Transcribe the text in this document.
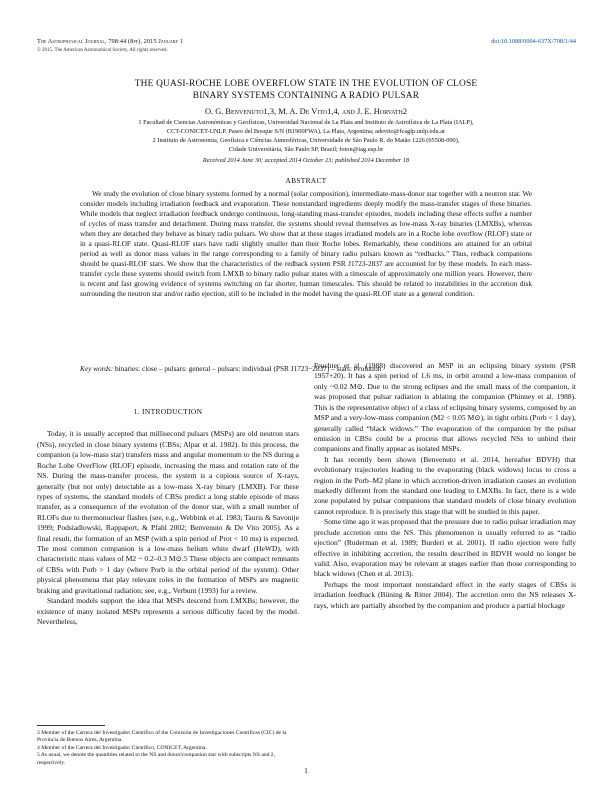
The Astrophysical Journal, 798:44 (8pp), 2015 January 1
© 2015. The American Astronomical Society. All rights reserved.
doi:10.1088/0004-637X/798/1/44
THE QUASI-ROCHE LOBE OVERFLOW STATE IN THE EVOLUTION OF CLOSE
BINARY SYSTEMS CONTAINING A RADIO PULSAR
O. G. Benvenuto1,3, M. A. De Vito1,4, and J. E. Horvath2
1 Facultad de Ciencias Astronómicas y Geofísicas, Universidad Nacional de La Plata and Instituto de Astrofísica de La Plata (IALP),
CCT-CONICET-UNLP. Paseo del Bosque S/N (B1900FWA), La Plata, Argentina; adevito@fcaglp.unlp.edu.ar
2 Instituto de Astronomia, Geofísica e Ciências Atmosféricas, Universidade de São Paulo R. do Matão 1226 (05508-090),
Cidade Universitária, São Paulo SP, Brazil; foton@iag.usp.br
Received 2014 June 30; accepted 2014 October 23; published 2014 December 18
ABSTRACT

We study the evolution of close binary systems formed by a normal (solar composition), intermediate-mass-donor star together with a neutron star. We consider models including irradiation feedback and evaporation. These nonstandard ingredients deeply modify the mass-transfer stages of these binaries. While models that neglect irradiation feedback undergo continuous, long-standing mass-transfer episodes, models including these effects suffer a number of cycles of mass transfer and detachment. During mass transfer, the systems should reveal themselves as low-mass X-ray binaries (LMXBs), whereas when they are detached they behave as binary radio pulsars. We show that at these stages irradiated models are in a Roche lobe overflow (RLOF) state or in a quasi-RLOF state. Quasi-RLOF stars have radii slightly smaller than their Roche lobes. Remarkably, these conditions are attained for an orbital period as well as donor mass values in the range corresponding to a family of binary radio pulsars known as “redbacks.” Thus, redback companions should be quasi-RLOF stars. We show that the characteristics of the redback system PSR J1723-2837 are accounted for by these models. In each mass-transfer cycle these systems should switch from LMXB to binary radio pulsar states with a timescale of approximately one million years. However, there is recent and fast growing evidence of systems switching on far shorter, human timescales. This should be related to instabilities in the accretion disk surrounding the neutron star and/or radio ejection, still to be included in the model having the quasi-RLOF state as a general condition.

Key words: binaries: close – pulsars: general – pulsars: individual (PSR J1723−2837) – stars: evolution

1. INTRODUCTION

Today, it is usually accepted that millisecond pulsars (MSPs) are old neutron stars (NSs), recycled in close binary systems (CBSs; Alpar et al. 1982). In this process, the companion (a low-mass star) transfers mass and angular momentum to the NS during a Roche Lobe OverFlow (RLOF) episode, increasing the mass and rotation rate of the NS. During the mass-transfer process, the system is a copious source of X-rays, generally (but not only) detectable as a low-mass X-ray binary (LMXB). For these types of systems, the standard models of CBSs predict a long stable episode of mass transfer, as a consequence of the evolution of the donor star, with a small number of RLOFs due to thermonuclear flashes (see, e.g., Webbink et al. 1983; Tauris & Savonije 1999; Podsiadlowski, Rappaport, & Pfahl 2002; Benvenuto & De Vito 2005). As a final result, the formation of an MSP (with a spin period of Prot < 10 ms) is expected. The most common companion is a low-mass helium white dwarf (HeWD), with characteristic mass values of M2 ~ 0.2–0.3 M⊙.5 These objects are compact remnants of CBSs with Porb > 1 day (where Porb is the orbital period of the system). Other physical phenomena that play relevant roles in the formation of MSPs are magnetic braking and gravitational radiation; see, e.g., Verbunt (1993) for a review.

Standard models support the idea that MSPs descend from LMXBs; however, the existence of many isolated MSPs represents a serious difficulty faced by the model. Nevertheless,

Fruchter et al. (1988) discovered an MSP in an eclipsing binary system (PSR 1957+20). It has a spin period of 1.6 ms, in orbit around a low-mass companion of only ~0.02 M⊙. Due to the strong eclipses and the small mass of the companion, it was proposed that pulsar radiation is ablating the companion (Phinney et al. 1988). This is the representative object of a class of eclipsing binary systems, composed by an MSP and a very-low-mass companion (M2 < 0.05 M⊙), in tight orbits (Porb < 1 day), generally called “black widows.” The evaporation of the companion by the pulsar emission in CBSs could be a process that allows recycled NSs to unbind their companions and finally appear as isolated MSPs.

It has recently been shown (Benvenuto et al. 2014, hereafter BDVH) that evolutionary trajectories leading to the evaporating (black widows) locus to cross a region in the Porb–M2 plane in which accretion-driven irradiation causes an evolution markedly different from the standard one leading to LMXBs. In fact, there is a wide zone populated by pulsar companions that standard models of close binary evolution cannot reproduce. It is precisely this stage that will be studied in this paper.

Some time ago it was proposed that the pressure due to radio pulsar irradiation may preclude accretion onto the NS. This phenomenon is usually referred to as “radio ejection” (Ruderman et al. 1989; Burderi et al. 2001). If radio ejection were fully effective in inhibiting accretion, the results described in BDVH would no longer be valid. Also, evaporation may be relevant at stages earlier than those corresponding to black widows (Chen et al. 2013).

Perhaps the most important nonstandard effect in the early stages of CBSs is irradiation feedback (Büning & Ritter 2004). The accretion onto the NS releases X-rays, which are partially absorbed by the companion and produce a partial blockage

3 Member of the Carrera del Investigador Científico of the Comisión de Investigaciones Científicas (CIC) de la Provincia de Buenos Aires, Argentina.
4 Member of the Carrera del Investigador Científico, CONICET, Argentina.
5 As usual, we denote the quantities related to the NS and donor/companion star with subscripts NS and 2, respectively.
1
